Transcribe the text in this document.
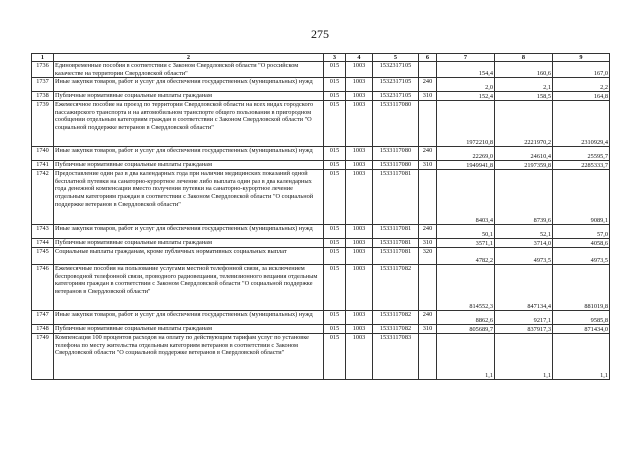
275
1	2	3	4	5	6	7	8	9
1736	Единовременные пособия в соответствии с Законом Свердловской области "О российском казачестве на территории Свердловской области"	015	1003	1532317105		154,4	160,6	167,0
1737	Иные закупки товаров, работ и услуг для обеспечения государственных (муниципальных) нужд	015	1003	1532317105	240	2,0	2,1	2,2
1738	Публичные нормативные социальные выплаты гражданам	015	1003	1532317105	310	152,4	158,5	164,8
1739	Ежемесячное пособие на проезд по территории Свердловской области на всех видах городского пассажирского транспорта и на автомобильном транспорте общего пользования в пригородном сообщении отдельным категориям граждан в соответствии с Законом Свердловской области "О социальной поддержке ветеранов в Свердловской области"	015	1003	1533117080		1972210,8	2221970,2	2310929,4
1740	Иные закупки товаров, работ и услуг для обеспечения государственных (муниципальных) нужд	015	1003	1533117080	240	22269,0	24610,4	25595,7
1741	Публичные нормативные социальные выплаты гражданам	015	1003	1533117080	310	1949941,8	2197359,8	2285333,7
1742	Предоставление один раз в два календарных года при наличии медицинских показаний одной бесплатной путевки на санаторно-курортное лечение либо выплата один раз в два календарных года денежной компенсации вместо получения путевки на санаторно-курортное лечение отдельным категориям граждан в соответствии с Законом Свердловской области "О социальной поддержке ветеранов в Свердловской области"	015	1003	1533117081		8403,4	8739,6	9089,1
1743	Иные закупки товаров, работ и услуг для обеспечения государственных (муниципальных) нужд	015	1003	1533117081	240	50,1	52,1	57,0
1744	Публичные нормативные социальные выплаты гражданам	015	1003	1533117081	310	3571,1	3714,0	4058,6
1745	Социальные выплаты гражданам, кроме публичных нормативных социальных выплат	015	1003	1533117081	320	4782,2	4973,5	4973,5
1746	Ежемесячные пособия на пользование услугами местной телефонной связи, за исключением беспроводной телефонной связи, проводного радиовещания, телевизионного вещания отдельным категориям граждан в соответствии с Законом Свердловской области "О социальной поддержке ветеранов в Свердловской области"	015	1003	1533117082		814552,3	847134,4	881019,8
1747	Иные закупки товаров, работ и услуг для обеспечения государственных (муниципальных) нужд	015	1003	1533117082	240	8862,6	9217,1	9585,8
1748	Публичные нормативные социальные выплаты гражданам	015	1003	1533117082	310	805689,7	837917,3	871434,0
1749	Компенсация 100 процентов расходов на оплату по действующим тарифам услуг по установке телефона по месту жительства отдельным категориям ветеранов в соответствии с Законом Свердловской области "О социальной поддержке ветеранов в Свердловской области"	015	1003	1533117083		1,1	1,1	1,1
